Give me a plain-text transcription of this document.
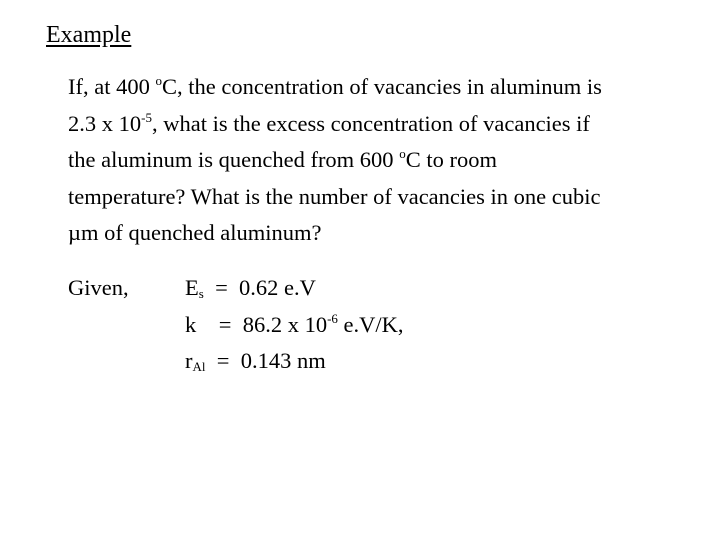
Example
If, at 400 $^o$C, the concentration of vacancies in aluminum is
2.3 x $10^{-5}$, what is the excess concentration of vacancies if
the aluminum is quenched from 600 $^o$C to room
temperature? What is the number of vacancies in one cubic
µm of quenched aluminum?
Given,	$E_s = 0.62$ e.V
k    =  86.2 x $10^{-6}$ e.V/K,
$r_{Al} = 0.143$ nm
